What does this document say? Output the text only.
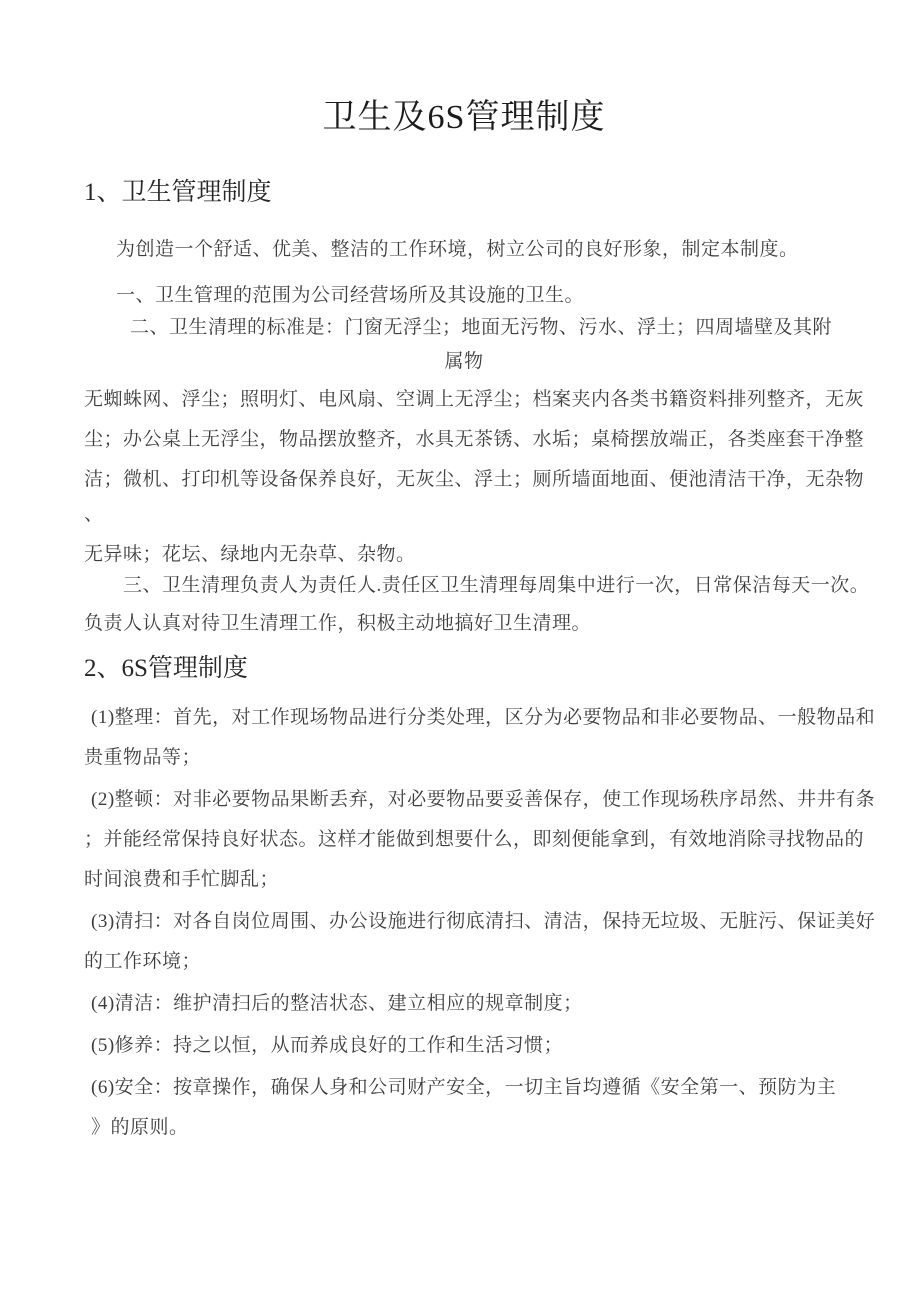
卫生及6S管理制度
1、卫生管理制度
为创造一个舒适、优美、整洁的工作环境，树立公司的良好形象，制定本制度。
一、卫生管理的范围为公司经营场所及其设施的卫生。
二、卫生清理的标准是：门窗无浮尘；地面无污物、污水、浮土；四周墙壁及其附
属物
无蜘蛛网、浮尘；照明灯、电风扇、空调上无浮尘；档案夹内各类书籍资料排列整齐，无灰
尘；办公桌上无浮尘，物品摆放整齐，水具无茶锈、水垢；桌椅摆放端正，各类座套干净整
洁；微机、打印机等设备保养良好，无灰尘、浮土；厕所墙面地面、便池清洁干净，无杂物
、
无异味；花坛、绿地内无杂草、杂物。
三、卫生清理负责人为责任人.责任区卫生清理每周集中进行一次，日常保洁每天一次。
负责人认真对待卫生清理工作，积极主动地搞好卫生清理。
2、6S管理制度
(1)整理：首先，对工作现场物品进行分类处理，区分为必要物品和非必要物品、一般物品和
贵重物品等；
(2)整顿：对非必要物品果断丢弃，对必要物品要妥善保存，使工作现场秩序昂然、井井有条
；并能经常保持良好状态。这样才能做到想要什么，即刻便能拿到，有效地消除寻找物品的
时间浪费和手忙脚乱；
(3)清扫：对各自岗位周围、办公设施进行彻底清扫、清洁，保持无垃圾、无脏污、保证美好
的工作环境；
(4)清洁：维护清扫后的整洁状态、建立相应的规章制度；
(5)修养：持之以恒，从而养成良好的工作和生活习惯；
(6)安全：按章操作，确保人身和公司财产安全，一切主旨均遵循《安全第一、预防为主
》的原则。
